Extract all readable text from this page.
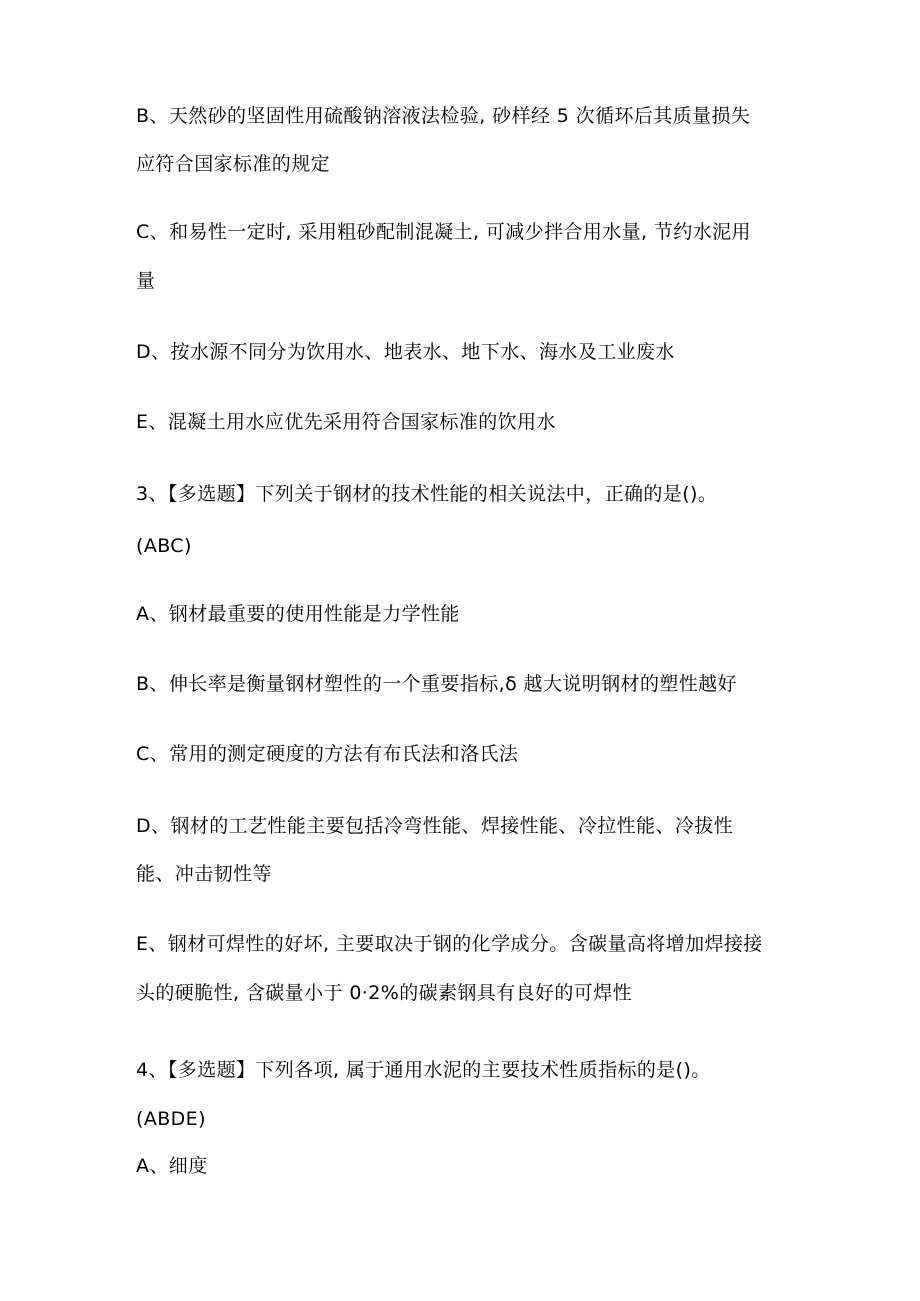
B、天然砂的坚固性用硫酸钠溶液法检验, 砂样经 5 次循环后其质量损失
应符合国家标准的规定
C、和易性一定时, 采用粗砂配制混凝土, 可减少拌合用水量, 节约水泥用
量
D、按水源不同分为饮用水、地表水、地下水、海水及工业废水
E、混凝土用水应优先采用符合国家标准的饮用水
3、【多选题】下列关于钢材的技术性能的相关说法中，正确的是()。
(ABC)
A、钢材最重要的使用性能是力学性能
B、伸长率是衡量钢材塑性的一个重要指标,δ 越大说明钢材的塑性越好
C、常用的测定硬度的方法有布氏法和洛氏法
D、钢材的工艺性能主要包括冷弯性能、焊接性能、冷拉性能、冷拔性
能、冲击韧性等
E、钢材可焊性的好坏, 主要取决于钢的化学成分。含碳量高将增加焊接接
头的硬脆性, 含碳量小于 0·2%的碳素钢具有良好的可焊性
4、【多选题】下列各项, 属于通用水泥的主要技术性质指标的是()。
(ABDE)
A、细度
